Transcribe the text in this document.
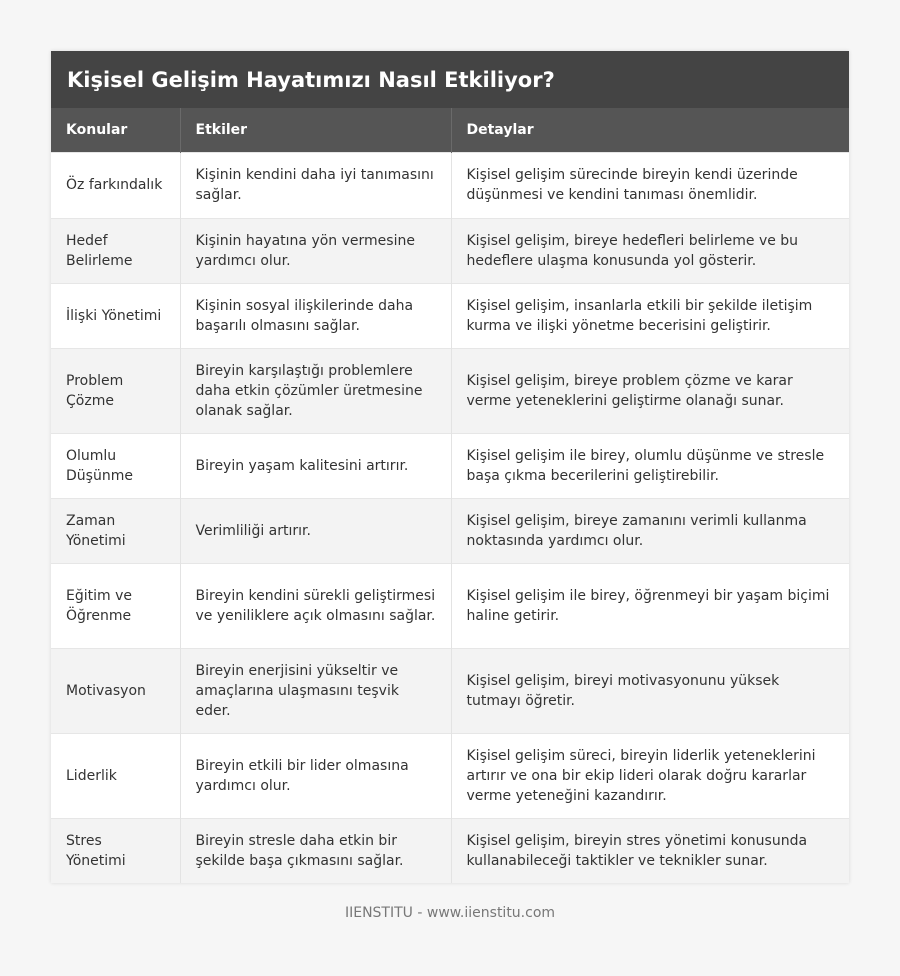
Kişisel Gelişim Hayatımızı Nasıl Etkiliyor?
Konular	Etkiler	Detaylar
Öz farkındalık	Kişinin kendini daha iyi tanımasını sağlar.	Kişisel gelişim sürecinde bireyin kendi üzerinde düşünmesi ve kendini tanıması önemlidir.
Hedef Belirleme	Kişinin hayatına yön vermesine yardımcı olur.	Kişisel gelişim, bireye hedefleri belirleme ve bu hedeflere ulaşma konusunda yol gösterir.
İlişki Yönetimi	Kişinin sosyal ilişkilerinde daha başarılı olmasını sağlar.	Kişisel gelişim, insanlarla etkili bir şekilde iletişim kurma ve ilişki yönetme becerisini geliştirir.
Problem Çözme	Bireyin karşılaştığı problemlere daha etkin çözümler üretmesine olanak sağlar.	Kişisel gelişim, bireye problem çözme ve karar verme yeteneklerini geliştirme olanağı sunar.
Olumlu Düşünme	Bireyin yaşam kalitesini artırır.	Kişisel gelişim ile birey, olumlu düşünme ve stresle başa çıkma becerilerini geliştirebilir.
Zaman Yönetimi	Verimliliği artırır.	Kişisel gelişim, bireye zamanını verimli kullanma noktasında yardımcı olur.
Eğitim ve Öğrenme	Bireyin kendini sürekli geliştirmesi ve yeniliklere açık olmasını sağlar.	Kişisel gelişim ile birey, öğrenmeyi bir yaşam biçimi haline getirir.
Motivasyon	Bireyin enerjisini yükseltir ve amaçlarına ulaşmasını teşvik eder.	Kişisel gelişim, bireyi motivasyonunu yüksek tutmayı öğretir.
Liderlik	Bireyin etkili bir lider olmasına yardımcı olur.	Kişisel gelişim süreci, bireyin liderlik yeteneklerini artırır ve ona bir ekip lideri olarak doğru kararlar verme yeteneğini kazandırır.
Stres Yönetimi	Bireyin stresle daha etkin bir şekilde başa çıkmasını sağlar.	Kişisel gelişim, bireyin stres yönetimi konusunda kullanabileceği taktikler ve teknikler sunar.
IIENSTITU - www.iienstitu.com
